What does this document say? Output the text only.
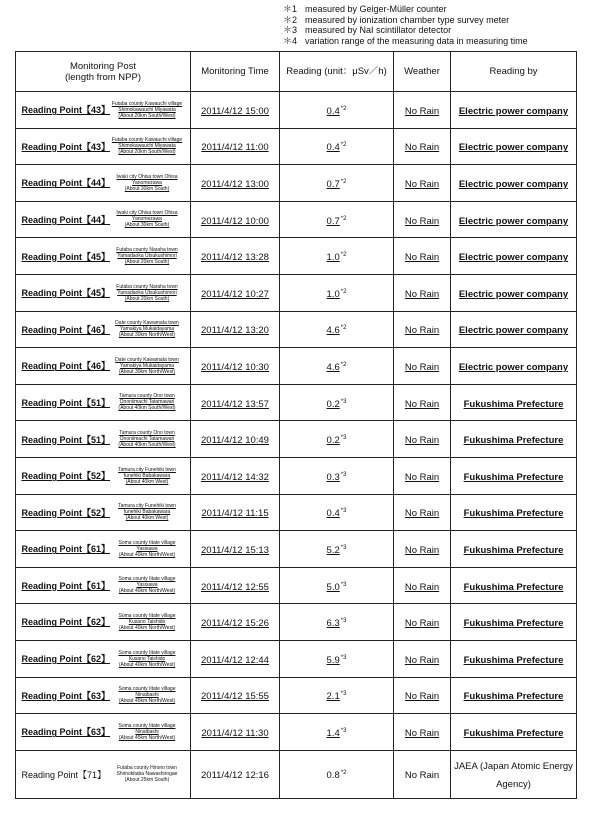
＊1 measured by Geiger-Müller counter
＊2 measured by ionization chamber type survey meter
＊3 measured by NaI scintillator detector
＊4 variation range of the measuring data in measuring time
Monitoring Post
(length from NPP)	Monitoring Time	Reading (unit：μSv／h)	Weather	Reading by
Reading Point【43】Futaba county Kawauchi village Shimokawauchi Miyawata
(About 20km South/West)	2011/4/12 15:00	0.4$^{*2}$	No Rain	Electric power company
Reading Point【43】Futaba county Kawauchi village Shimokawauchi Miyawata
(About 20km South/West)	2011/4/12 11:00	0.4$^{*2}$	No Rain	Electric power company
Reading Point【44】Iwaki city Ohisa town Ohisa Yanomezawa
(About 30km South)	2011/4/12 13:00	0.7$^{*2}$	No Rain	Electric power company
Reading Point【44】Iwaki city Ohisa town Ohisa Yanomezawa
(About 30km South)	2011/4/12 10:00	0.7$^{*2}$	No Rain	Electric power company
Reading Point【45】Futaba county Naraha town Yamadaoka Utsukushimori
(About 20km South)	2011/4/12 13:28	1.0$^{*2}$	No Rain	Electric power company
Reading Point【45】Futaba county Naraha town Yamadaoka Utsukushimori
(About 20km South)	2011/4/12 10:27	1.0$^{*2}$	No Rain	Electric power company
Reading Point【46】Date county Kawamata town Yamakiya Mukaidayama
(About 30km North/West)	2011/4/12 13:20	4.6$^{*2}$	No Rain	Electric power company
Reading Point【46】Date county Kawamata town Yamakiya Mukaidayama
(About 30km North/West)	2011/4/12 10:30	4.6$^{*2}$	No Rain	Electric power company
Reading Point【51】Tamura county Ono town Ononiimachi Tatamawari
(About 40km South/West)	2011/4/12 13:57	0.2$^{*3}$	No Rain	Fukushima Prefecture
Reading Point【51】Tamura county Ono town Ononiimachi Tatamawari
(About 40km South/West)	2011/4/12 10:49	0.2$^{*3}$	No Rain	Fukushima Prefecture
Reading Point【52】Tamura city Funehiki town funehiki Babakawara
(About 40km West)	2011/4/12 14:32	0.3$^{*3}$	No Rain	Fukushima Prefecture
Reading Point【52】Tamura city Funehiki town funehiki Babakawara
(About 40km West)	2011/4/12 11:15	0.4$^{*3}$	No Rain	Fukushima Prefecture
Reading Point【61】Soma county Iitate village Yasisawa
(About 40km North/West)	2011/4/12 15:13	5.2$^{*3}$	No Rain	Fukushima Prefecture
Reading Point【61】Soma county Iitate village Yasisawa
(About 40km North/West)	2011/4/12 12:55	5.0$^{*3}$	No Rain	Fukushima Prefecture
Reading Point【62】Soma county Iitate village Kusano Taishido
(About 40km North/West)	2011/4/12 15:26	6.3$^{*3}$	No Rain	Fukushima Prefecture
Reading Point【62】Soma county Iitate village Kusano Taishido
(About 40km North/West)	2011/4/12 12:44	5.9$^{*3}$	No Rain	Fukushima Prefecture
Reading Point【63】Soma county Iitate village Ninaibashi
(About 45km North/West)	2011/4/12 15:55	2.1$^{*3}$	No Rain	Fukushima Prefecture
Reading Point【63】Soma county Iitate village Ninaibashi
(About 45km North/West)	2011/4/12 11:30	1.4$^{*3}$	No Rain	Fukushima Prefecture
Reading Point【71】Futaba county Hirono town Shimokitaba Nawashirogae
(About 25km South)	2011/4/12 12:16	0.8$^{*2}$	No Rain	JAEA (Japan Atomic Energy Agency)
